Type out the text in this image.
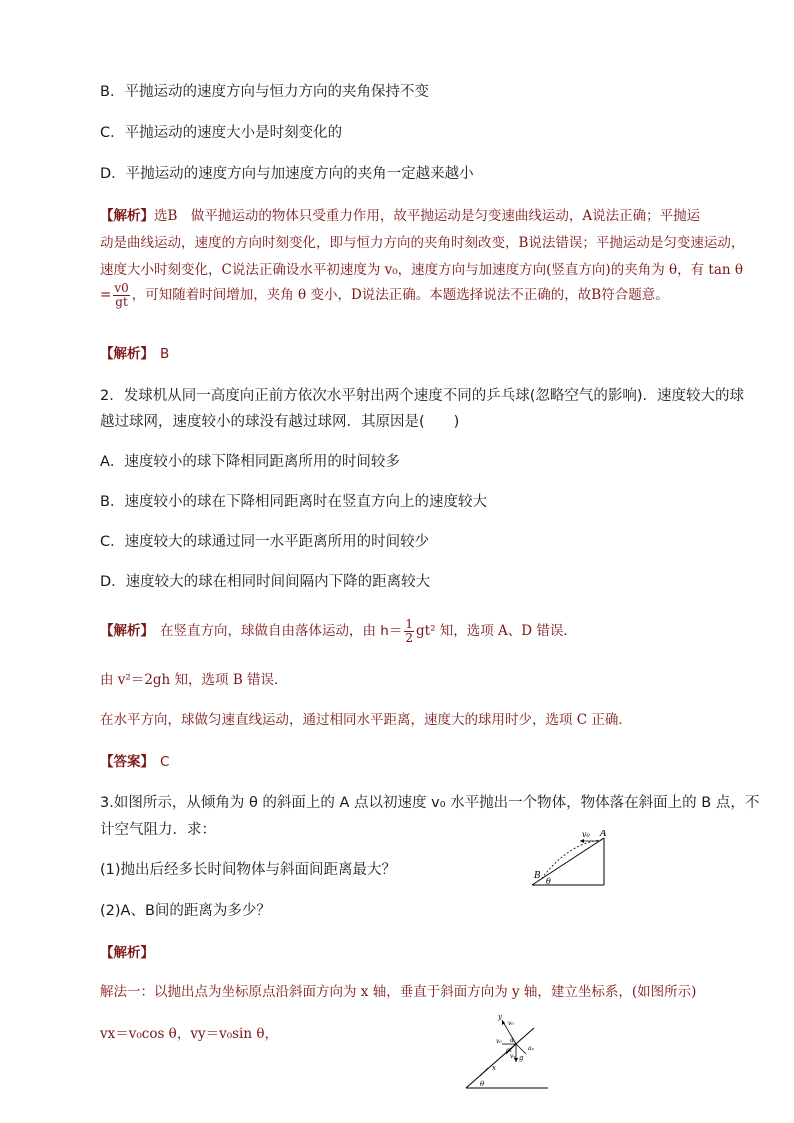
B．平抛运动的速度方向与恒力方向的夹角保持不变
C．平抛运动的速度大小是时刻变化的
D．平抛运动的速度方向与加速度方向的夹角一定越来越小
【解析】选B　做平抛运动的物体只受重力作用，故平抛运动是匀变速曲线运动，A说法正确；平抛运
动是曲线运动，速度的方向时刻变化，即与恒力方向的夹角时刻改变，B说法错误；平抛运动是匀变速运动，
速度大小时刻变化，C说法正确设水平初速度为 v₀，速度方向与加速度方向(竖直方向)的夹角为 θ，有 tan θ
= $\frac{v0}{gt}$ ，可知随着时间增加，夹角 θ 变小，D说法正确。本题选择说法不正确的，故B符合题意。
【解析】 B
2．发球机从同一高度向正前方依次水平射出两个速度不同的乒乓球(忽略空气的影响)．速度较大的球
越过球网，速度较小的球没有越过球网．其原因是(　　)
A．速度较小的球下降相同距离所用的时间较多
B．速度较小的球在下降相同距离时在竖直方向上的速度较大
C．速度较大的球通过同一水平距离所用的时间较少
D．速度较大的球在相同时间间隔内下降的距离较大
【解析】 在竖直方向，球做自由落体运动，由 $h= \frac{1}{2} gt^2$ 知，选项 A、D 错误．
由 v²＝2gh 知，选项 B 错误．
在水平方向，球做匀速直线运动，通过相同水平距离，速度大的球用时少，选项 C 正确．
【答案】 C
3.如图所示，从倾角为 θ 的斜面上的 A 点以初速度 v₀ 水平抛出一个物体，物体落在斜面上的 B 点，不
计空气阻力．求：
(1)抛出后经多长时间物体与斜面间距离最大？
(2)A、B间的距离为多少？
v₀ A
B
θ
【解析】
解法一：以抛出点为坐标原点沿斜面方向为 x 轴，垂直于斜面方向为 y 轴，建立坐标系，(如图所示)
vx＝v₀cos θ，vy＝v₀sin θ，
y
v₀
v₀ α
aₓ	aᵧ
g
vₓ
x
θ
